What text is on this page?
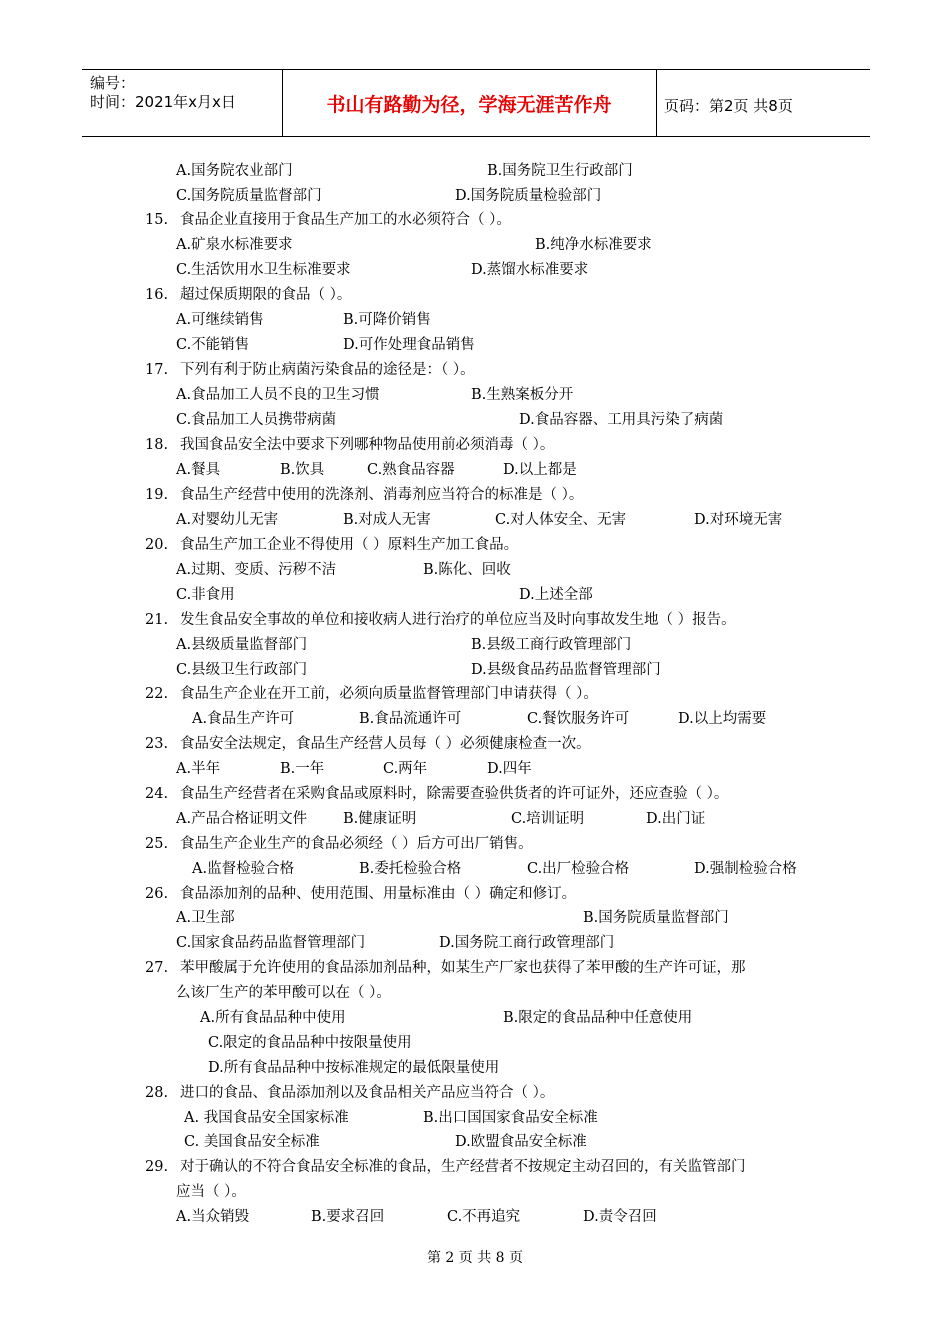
编号：
时间：2021年x月x日	书山有路勤为径，学海无涯苦作舟	页码：第2页 共8页
A.国务院农业部门	B.国务院卫生行政部门
C.国务院质量监督部门	D.国务院质量检验部门
15. 食品企业直接用于食品生产加工的水必须符合（ ）。
A.矿泉水标准要求	B.纯净水标准要求
C.生活饮用水卫生标准要求	D.蒸馏水标准要求
16. 超过保质期限的食品（ ）。
A.可继续销售	B.可降价销售
C.不能销售	D.可作处理食品销售
17. 下列有利于防止病菌污染食品的途径是：（ ）。
A.食品加工人员不良的卫生习惯	B.生熟案板分开
C.食品加工人员携带病菌	D.食品容器、工用具污染了病菌
18. 我国食品安全法中要求下列哪种物品使用前必须消毒（ ）。
A.餐具	B.饮具	C.熟食品容器	D.以上都是
19. 食品生产经营中使用的洗涤剂、消毒剂应当符合的标准是（ ）。
A.对婴幼儿无害	B.对成人无害	C.对人体安全、无害	D.对环境无害
20. 食品生产加工企业不得使用（ ）原料生产加工食品。
A.过期、变质、污秽不洁	B.陈化、回收
C.非食用	D.上述全部
21. 发生食品安全事故的单位和接收病人进行治疗的单位应当及时向事故发生地（ ）报告。
A.县级质量监督部门	B.县级工商行政管理部门
C.县级卫生行政部门	D.县级食品药品监督管理部门
22. 食品生产企业在开工前，必须向质量监督管理部门申请获得（ ）。
A.食品生产许可	B.食品流通许可	C.餐饮服务许可	D.以上均需要
23. 食品安全法规定，食品生产经营人员每（ ）必须健康检查一次。
A.半年	B.一年	C.两年	D.四年
24. 食品生产经营者在采购食品或原料时，除需要查验供货者的许可证外，还应查验（ ）。
A.产品合格证明文件 B.健康证明	C.培训证明	D.出门证
25. 食品生产企业生产的食品必须经（ ）后方可出厂销售。
A.监督检验合格	B.委托检验合格	C.出厂检验合格	D.强制检验合格
26. 食品添加剂的品种、使用范围、用量标准由（ ）确定和修订。
A.卫生部	B.国务院质量监督部门
C.国家食品药品监督管理部门	D.国务院工商行政管理部门
27. 苯甲酸属于允许使用的食品添加剂品种，如某生产厂家也获得了苯甲酸的生产许可证，那
么该厂生产的苯甲酸可以在（ ）。
A.所有食品品种中使用	B.限定的食品品种中任意使用
C.限定的食品品种中按限量使用
D.所有食品品种中按标准规定的最低限量使用
28. 进口的食品、食品添加剂以及食品相关产品应当符合（ ）。
A. 我国食品安全国家标准	B.出口国国家食品安全标准
C. 美国食品安全标准	D.欧盟食品安全标准
29. 对于确认的不符合食品安全标准的食品，生产经营者不按规定主动召回的，有关监管部门
应当（ ）。
A.当众销毁	B.要求召回	C.不再追究	D.责令召回
第 2 页 共 8 页
